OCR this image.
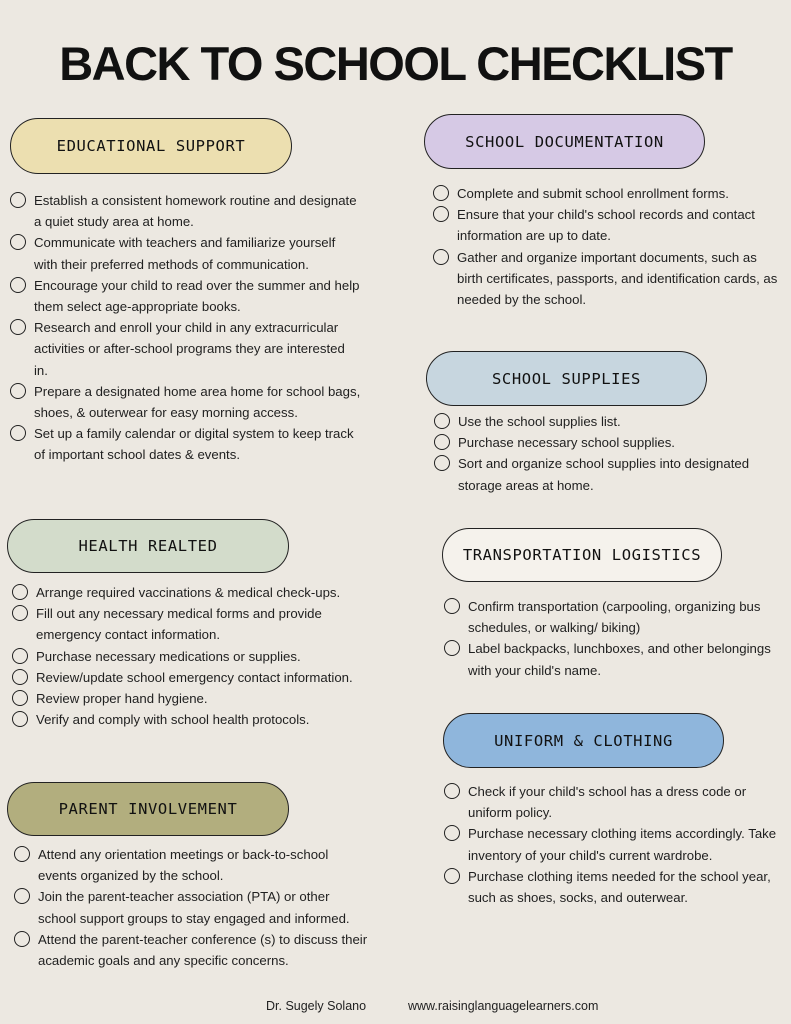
BACK TO SCHOOL CHECKLIST
EDUCATIONAL SUPPORT
Establish a consistent homework routine and designate a quiet study area at home.
Communicate with teachers and familiarize yourself with their preferred methods of communication.
Encourage your child to read over the summer and help them select age-appropriate books.
Research and enroll your child in any extracurricular activities or after-school programs they are interested in.
Prepare a designated home area home for school bags, shoes, & outerwear for easy morning access.
Set up a family calendar or digital system to keep track of important school dates & events.
HEALTH REALTED
Arrange required vaccinations & medical check-ups.
Fill out any necessary medical forms and provide emergency contact information.
Purchase necessary medications or supplies.
Review/update school emergency contact information.
Review proper hand hygiene.
Verify and comply with school health protocols.
PARENT INVOLVEMENT
Attend any orientation meetings or back-to-school events organized by the school.
Join the parent-teacher association (PTA) or other school support groups to stay engaged and informed.
Attend the parent-teacher conference (s) to discuss their academic goals and any specific concerns.
SCHOOL DOCUMENTATION
Complete and submit school enrollment forms.
Ensure that your child's school records and contact information are up to date.
Gather and organize important documents, such as birth certificates, passports, and identification cards, as needed by the school.
SCHOOL SUPPLIES
Use the school supplies list.
Purchase necessary school supplies.
Sort and organize school supplies into designated storage areas at home.
TRANSPORTATION LOGISTICS
Confirm transportation (carpooling, organizing bus schedules, or walking/ biking)
Label backpacks, lunchboxes, and other belongings with your child's name.
UNIFORM & CLOTHING
Check if your child's school has a dress code or uniform policy.
Purchase necessary clothing items accordingly. Take inventory of your child's current wardrobe.
Purchase clothing items needed for the school year, such as shoes, socks, and outerwear.
Dr. Sugely Solano	www.raisinglanguagelearners.com
